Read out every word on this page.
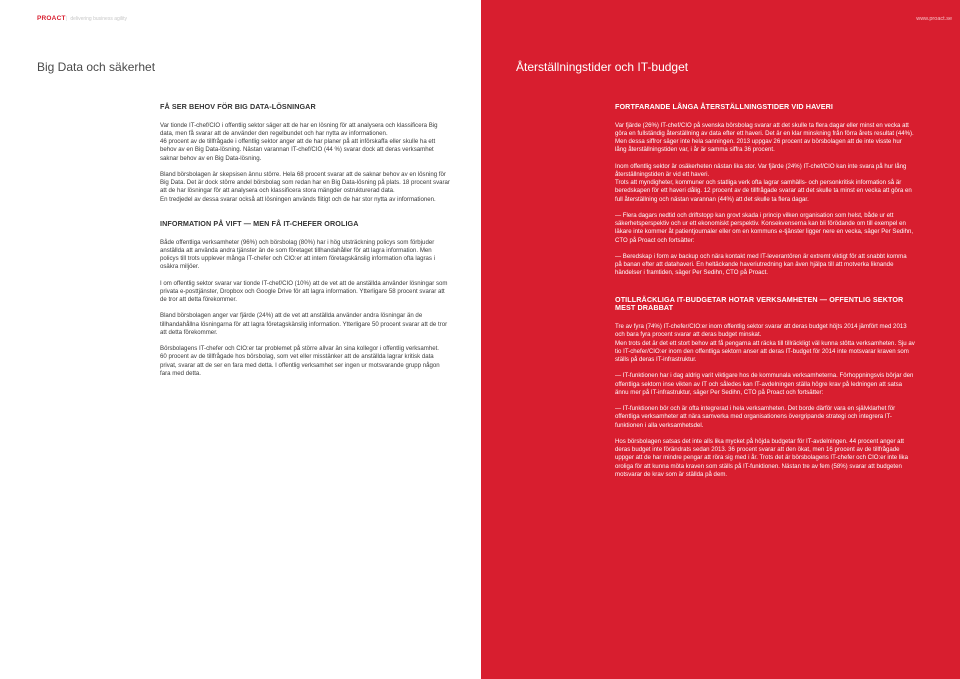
PROACT
| delivering business agility
Big Data och säkerhet
FÅ SER BEHOV FÖR BIG DATA-LÖSNINGAR

Var tionde IT-chef/CIO i offentlig sektor säger att de har en lösning för att analysera och klassificera Big data, men få svarar att de använder den regelbundet och har nytta av informationen.

46 procent av de tillfrågade i offentlig sektor anger att de har planer på att införskaffa eller skulle ha ett behov av en Big Data-lösning. Nästan varannan IT-chef/CIO (44 %) svarar dock att deras verksamhet saknar behov av en Big Data-lösning.

Bland börsbolagen är skepsisen ännu större. Hela 68 procent svarar att de saknar behov av en lösning för Big Data. Det är dock större andel börsbolag som redan har en Big Data-lösning på plats. 18 procent svarar att de har lösningar för att analysera och klassificera stora mängder ostrukturerad data.

En tredjedel av dessa svarar också att lösningen används flitigt och de har stor nytta av informationen.

INFORMATION PÅ VIFT — MEN FÅ IT-CHEFER OROLIGA

Både offentliga verksamheter (96%) och börsbolag (80%) har i hög utsträckning policys som förbjuder anställda att använda andra tjänster än de som företaget tillhandahåller för att lagra information. Men policys till trots upplever många IT-chefer och CIO:er att intern företagskänslig information ofta lagras i osäkra miljöer.

I om offentlig sektor svarar var tionde IT-chef/CIO (10%) att de vet att de anställda använder lösningar som privata e-posttjänster, Dropbox och Google Drive för att lagra information. Ytterligare 58 procent svarar att de tror att detta förekommer.

Bland börsbolagen anger var fjärde (24%) att de vet att anställda använder andra lösningar än de tillhandahållna lösningarna för att lagra företagskänslig information. Ytterligare 50 procent svarar att de tror att detta förekommer.

Börsbolagens IT-chefer och CIO:er tar problemet på större allvar än sina kollegor i offentlig verksamhet.

60 procent av de tillfrågade hos börsbolag, som vet eller misstänker att de anställda lagrar kritisk data privat, svarar att de ser en fara med detta. I offentlig verksamhet ser ingen ur motsvarande grupp någon fara med detta.

www.proact.se
Återställningstider och IT-budget
FORTFARANDE LÅNGA ÅTERSTÄLLNINGSTIDER VID HAVERI

Var fjärde (26%) IT-chef/CIO på svenska börsbolag svarar att det skulle ta flera dagar eller minst en vecka att göra en fullständig återställning av data efter ett haveri. Det är en klar minskning från förra årets resultat (44%). Men dessa siffror säger inte hela sanningen. 2013 uppgav 26 procent av börsbolagen att de inte visste hur lång återställningstiden var, i år är samma siffra 36 procent.

Inom offentlig sektor är osäkerheten nästan lika stor. Var fjärde (24%) IT-chef/CIO kan inte svara på hur lång återställningstiden är vid ett haveri.
Trots att myndigheter, kommuner och statliga verk ofta lagrar samhälls- och personkritisk information så är beredskapen för ett haveri dålig. 12 procent av de tillfrågade svarar att det skulle ta minst en vecka att göra en full återställning och nästan varannan (44%) att det skulle ta flera dagar.

— Flera dagars nedtid och driftstopp kan grovt skada i princip vilken organisation som helst, både ur ett säkerhetsperspektiv och ur ett ekonomiskt perspektiv. Konsekvenserna kan bli förödande om till exempel en läkare inte kommer åt patientjournaler eller om en kommuns e-tjänster ligger nere en vecka, säger Per Sedihn, CTO på Proact och fortsätter:

— Beredskap i form av backup och nära kontakt med IT-leverantören är extremt viktigt för att snabbt komma på banan efter att datahaveri. En heltäckande haveriutredning kan även hjälpa till att motverka liknande händelser i framtiden, säger Per Sedihn, CTO på Proact.

OTILLRÄCKLIGA IT-BUDGETAR HOTAR VERKSAMHETEN — OFFENTLIG SEKTOR MEST DRABBAT

Tre av fyra (74%) IT-chefer/CIO:er inom offentlig sektor svarar att deras budget höjts 2014 jämfört med 2013 och bara fyra procent svarar att deras budget minskat.
Men trots det är det ett stort behov att få pengarna att räcka till tillräckligt väl kunna stötta verksamheten. Sju av tio IT-chefer/CIO:er inom den offentliga sektorn anser att deras IT-budget för 2014 inte motsvarar kraven som ställs på deras IT-infrastruktur.

— IT-funktionen har i dag aldrig varit viktigare hos de kommunala verksamheterna. Förhoppningsvis börjar den offentliga sektorn inse vikten av IT och således kan IT-avdelningen ställa högre krav på ledningen att satsa ännu mer på IT-infrastruktur, säger Per Sedihn, CTO på Proact och fortsätter:

— IT-funktionen bör och är ofta integrerad i hela verksamheten. Det borde därför vara en självklarhet för offentliga verksamheter att nära samverka med organisationens övergripande strategi och integrera IT-funktionen i alla verksamhetsdel.

Hos börsbolagen satsas det inte alls lika mycket på höjda budgetar för IT-avdelningen. 44 procent anger att deras budget inte förändrats sedan 2013. 36 procent svarar att den ökat, men 16 procent av de tillfrågade uppger att de har mindre pengar att röra sig med i år. Trots det är börsbolagens IT-chefer och CIO:er inte lika oroliga för att kunna möta kraven som ställs på IT-funktionen. Nästan tre av fem (58%) svarar att budgeten motsvarar de krav som är ställda på dem.
